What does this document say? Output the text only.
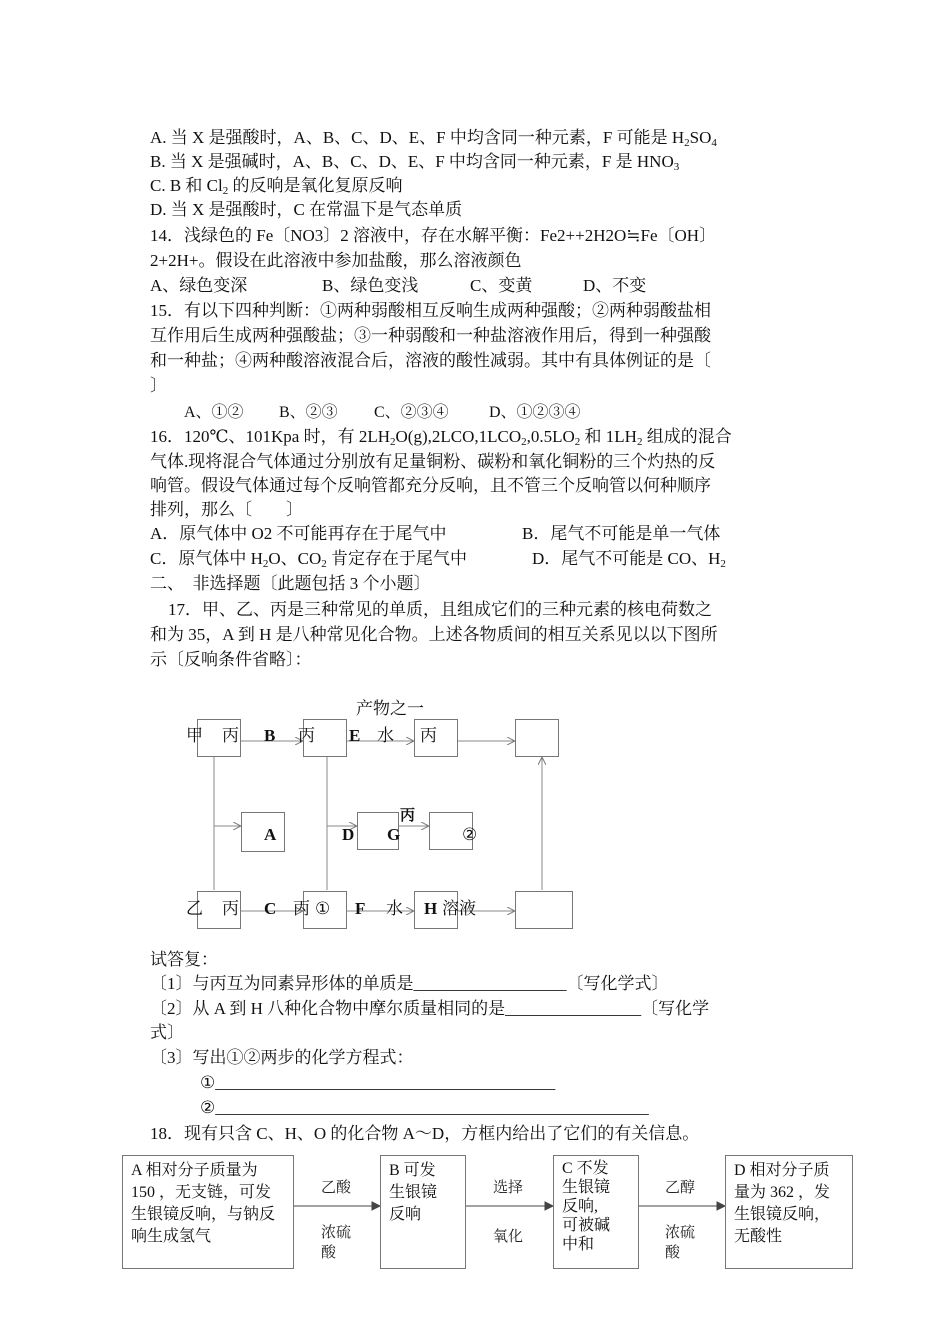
A. 当 X 是强酸时，A、B、C、D、E、F 中均含同一种元素，F 可能是 $H_2SO_4$
B. 当 X 是强碱时，A、B、C、D、E、F 中均含同一种元素，F 是 $HNO_3$
C. B 和 $Cl_2$ 的反响是氧化复原反响
D. 当 X 是强酸时，C 在常温下是气态单质
14．浅绿色的 Fe〔NO3〕2 溶液中，存在水解平衡：Fe2++2H2O≒Fe〔OH〕
2+2H+。假设在此溶液中参加盐酸，那么溶液颜色
A、绿色变深	B、绿色变浅	C、变黄	D、不变
15．有以下四种判断：①两种弱酸相互反响生成两种强酸；②两种弱酸盐相
互作用后生成两种强酸盐；③一种弱酸和一种盐溶液作用后，得到一种强酸
和一种盐；④两种酸溶液混合后，溶液的酸性减弱。其中有具体例证的是〔
〕
A、①② B、②③ C、②③④	D、①②③④
16．120℃、101Kpa 时，有 $2LH_2O(g),2LCO,1LCO_2,0.5LO_2$ 和 $1LH_2$ 组成的混合
气体.现将混合气体通过分别放有足量铜粉、碳粉和氧化铜粉的三个灼热的反
响管。假设气体通过每个反响管都充分反响，且不管三个反响管以何种顺序
排列，那么〔　　〕
A．原气体中 O2 不可能再存在于尾气中	B．尾气不可能是单一气体
C．原气体中 $H_2O$、$CO_2$ 肯定存在于尾气中	D．尾气不可能是 CO、$H_2$
二、　非选择题〔此题包括 3 个小题〕
17．甲、乙、丙是三种常见的单质，且组成它们的三种元素的核电荷数之
和为 35，A 到 H 是八种常见化合物。上述各物质间的相互关系见以以下图所
示〔反响条件省略〕：
产物之一
甲 丙 B 丙 E 水 丙
A	D G
丙
②
乙 丙 C 丙 ① F 水 H 溶液
试答复：
〔1〕与丙互为同素异形体的单质是__________________〔写化学式〕
〔2〕从 A 到 H 八种化合物中摩尔质量相同的是________________〔写化学
式〕
〔3〕写出①②两步的化学方程式：
①________________________________________
②___________________________________________________
18．现有只含 C、H、O 的化合物 A～D，方框内给出了它们的有关信息。
A 相对分子质量为
150 ，无支链，可发
生银镜反响，与钠反
响生成氢气
乙酸
浓硫
酸
B 可发
生银镜
反响
选择
氧化
C 不发
生银镜
反响,
可被碱
中和
乙醇
浓硫
酸
D 相对分子质
量为 362 ，发
生银镜反响，
无酸性
